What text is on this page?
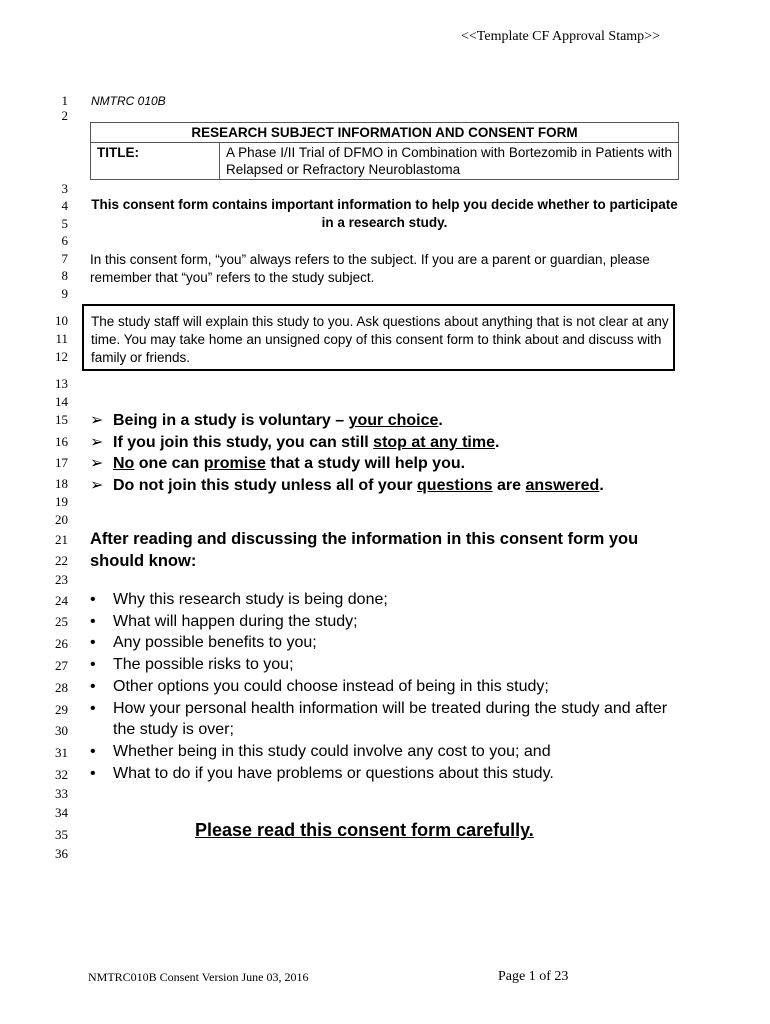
<<Template CF Approval Stamp>>
1
2
3
4
5
6
7
8
9
10
11
12
13
14
15
16
17
18
19
20
21
22
23
24
25
26
27
28
29
30
31
32
33
34
35
36
NMTRC 010B
RESEARCH SUBJECT INFORMATION AND CONSENT FORM
TITLE:	A Phase I/II Trial of DFMO in Combination with Bortezomib in Patients with Relapsed or Refractory Neuroblastoma
This consent form contains important information to help you decide whether to participate in a research study.
In this consent form, “you” always refers to the subject. If you are a parent or guardian, please remember that “you” refers to the study subject.
The study staff will explain this study to you. Ask questions about anything that is not clear at any time. You may take home an unsigned copy of this consent form to think about and discuss with family or friends.
➢ Being in a study is voluntary – your choice.
➢ If you join this study, you can still stop at any time.
➢ No one can promise that a study will help you.
➢ Do not join this study unless all of your questions are answered.
After reading and discussing the information in this consent form you should know:
• Why this research study is being done;
• What will happen during the study;
• Any possible benefits to you;
• The possible risks to you;
• Other options you could choose instead of being in this study;
• How your personal health information will be treated during the study and after the study is over;
• Whether being in this study could involve any cost to you; and
• What to do if you have problems or questions about this study.
Please read this consent form carefully.
NMTRC010B Consent Version June 03, 2016	Page 1 of 23
